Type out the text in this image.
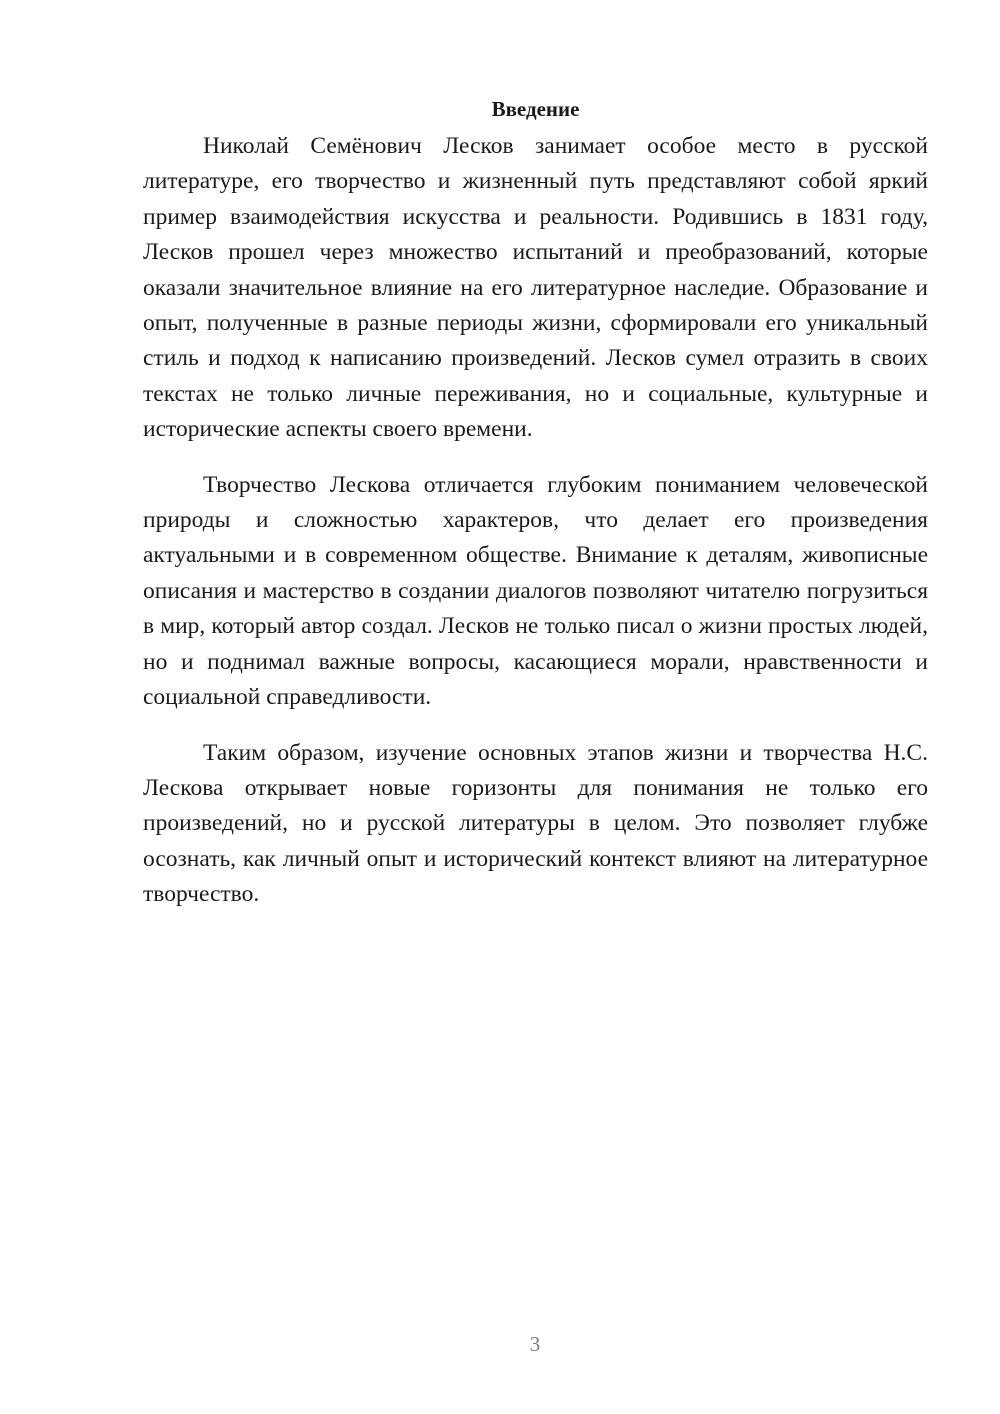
Введение

Николай Семёнович Лесков занимает особое место в русской литературе, его творчество и жизненный путь представляют собой яркий пример взаимодействия искусства и реальности. Родившись в 1831 году, Лесков прошел через множество испытаний и преобразований, которые оказали значительное влияние на его литературное наследие. Образование и опыт, полученные в разные периоды жизни, сформировали его уникальный стиль и подход к написанию произведений. Лесков сумел отразить в своих текстах не только личные переживания, но и социальные, культурные и исторические аспекты своего времени.

Творчество Лескова отличается глубоким пониманием человеческой природы и сложностью характеров, что делает его произведения актуальными и в современном обществе. Внимание к деталям, живописные описания и мастерство в создании диалогов позволяют читателю погрузиться в мир, который автор создал. Лесков не только писал о жизни простых людей, но и поднимал важные вопросы, касающиеся морали, нравственности и социальной справедливости.

Таким образом, изучение основных этапов жизни и творчества Н.С. Лескова открывает новые горизонты для понимания не только его произведений, но и русской литературы в целом. Это позволяет глубже осознать, как личный опыт и исторический контекст влияют на литературное творчество.

3
